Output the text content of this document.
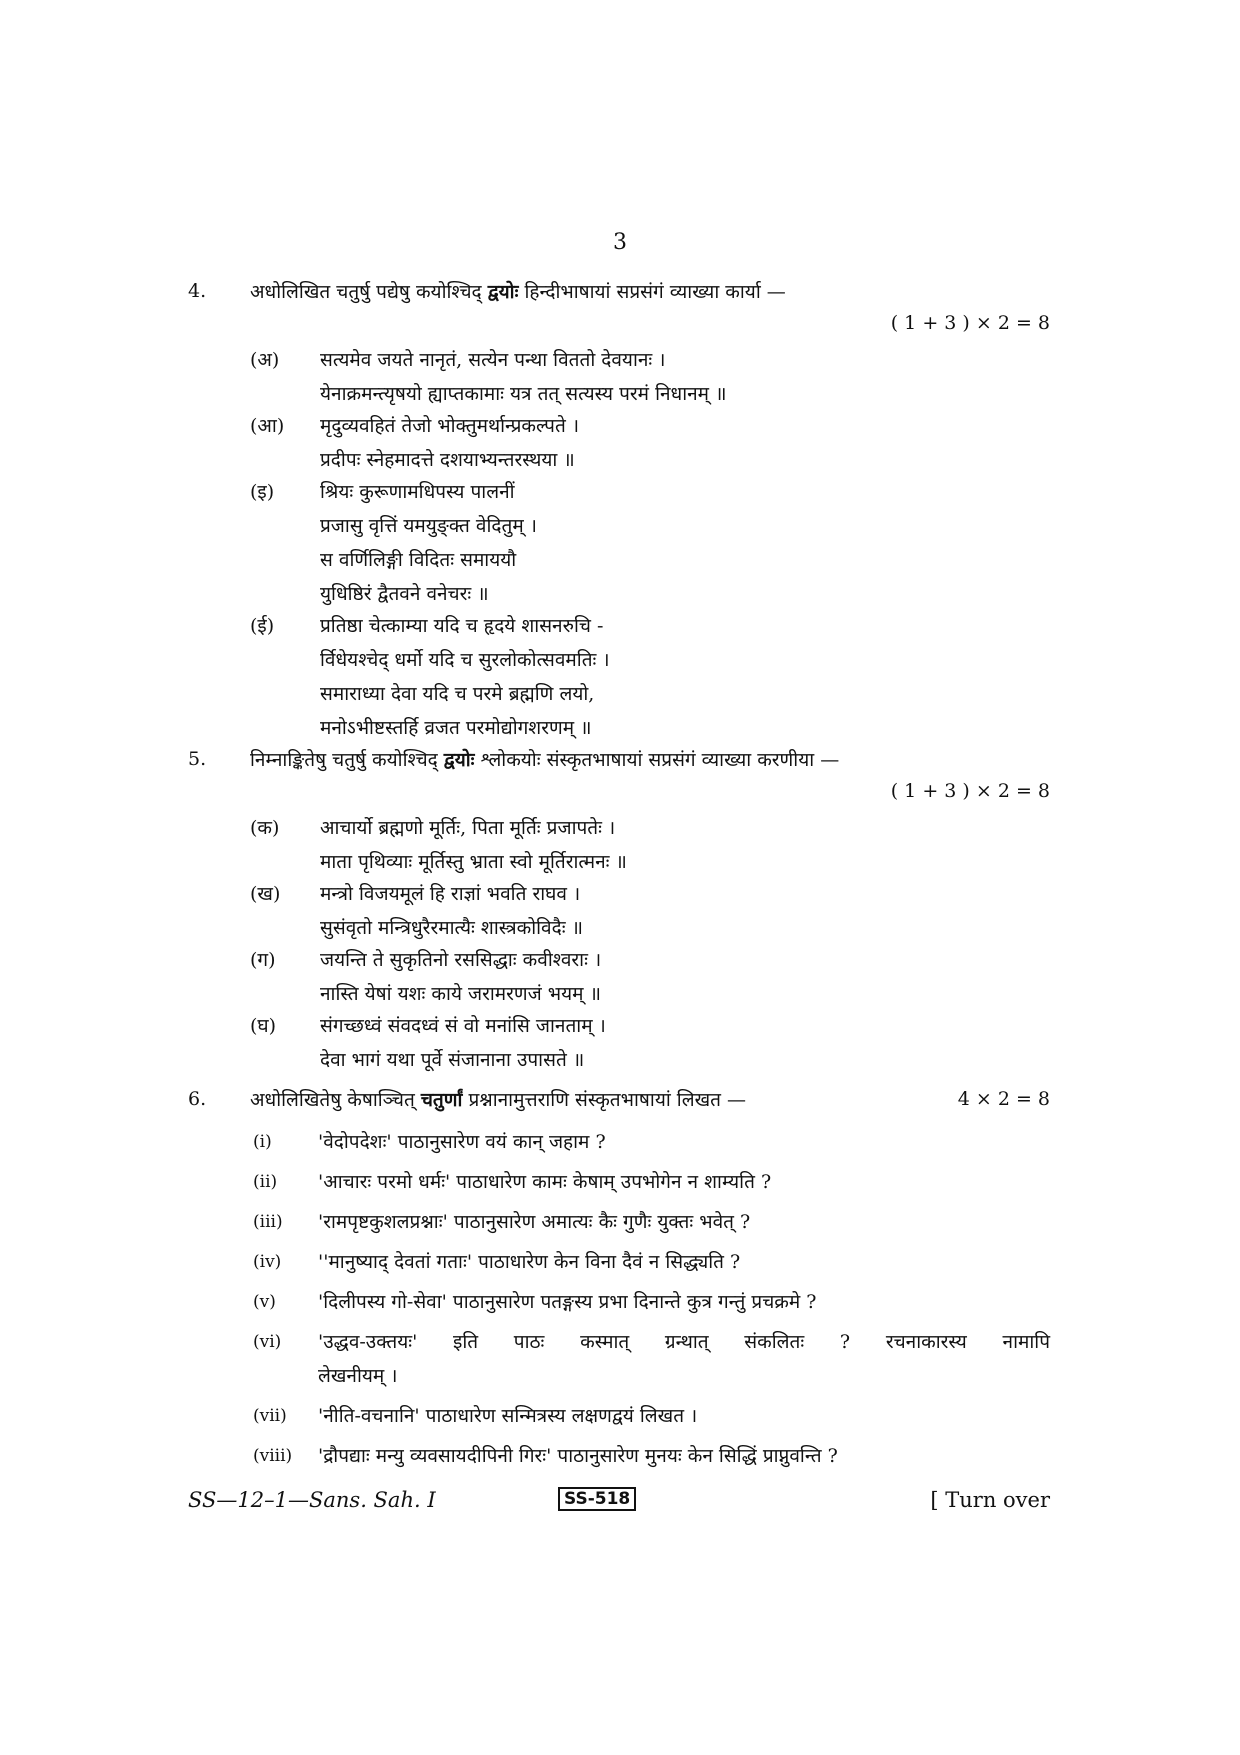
3
4. अधोलिखित चतुर्षु पद्येषु कयोश्चिद् द्वयोः हिन्दीभाषायां सप्रसंगं व्याख्या कार्या —
( 1 + 3 ) × 2 = 8
(अ) सत्यमेव जयते नानृतं, सत्येन पन्था विततो देवयानः ।
येनाक्रमन्त्यृषयो ह्याप्तकामाः यत्र तत् सत्यस्य परमं निधानम् ॥
(आ) मृदुव्यवहितं तेजो भोक्तुमर्थान्प्रकल्पते ।
प्रदीपः स्नेहमादत्ते दशयाभ्यन्तरस्थया ॥
(इ) श्रियः कुरूणामधिपस्य पालनीं
प्रजासु वृत्तिं यमयुङ्क्त वेदितुम् ।
स वर्णिलिङ्गी विदितः समाययौ
युधिष्ठिरं द्वैतवने वनेचरः ॥
(ई) प्रतिष्ठा चेत्काम्या यदि च हृदये शासनरुचि -
र्विधेयश्चेद् धर्मो यदि च सुरलोकोत्सवमतिः ।
समाराध्या देवा यदि च परमे ब्रह्मणि लयो,
मनोऽभीष्टस्तर्हि व्रजत परमोद्योगशरणम् ॥
5. निम्नाङ्कितेषु चतुर्षु कयोश्चिद् द्वयोः श्लोकयोः संस्कृतभाषायां सप्रसंगं व्याख्या करणीया —
( 1 + 3 ) × 2 = 8
(क) आचार्यो ब्रह्मणो मूर्तिः, पिता मूर्तिः प्रजापतेः ।
माता पृथिव्याः मूर्तिस्तु भ्राता स्वो मूर्तिरात्मनः ॥
(ख) मन्त्रो विजयमूलं हि राज्ञां भवति राघव ।
सुसंवृतो मन्त्रिधुरैरमात्यैः शास्त्रकोविदैः ॥
(ग) जयन्ति ते सुकृतिनो रससिद्धाः कवीश्वराः ।
नास्ति येषां यशः काये जरामरणजं भयम् ॥
(घ) संगच्छध्वं संवदध्वं सं वो मनांसि जानताम् ।
देवा भागं यथा पूर्वे संजानाना उपासते ॥
6. अधोलिखितेषु केषाञ्चित् चतुर्णां प्रश्नानामुत्तराणि संस्कृतभाषायां लिखत —	4 × 2 = 8
(i) 'वेदोपदेशः' पाठानुसारेण वयं कान् जहाम ?
(ii) 'आचारः परमो धर्मः' पाठाधारेण कामः केषाम् उपभोगेन न शाम्यति ?
(iii) 'रामपृष्टकुशलप्रश्नाः' पाठानुसारेण अमात्यः कैः गुणैः युक्तः भवेत् ?
(iv) ''मानुष्याद् देवतां गताः' पाठाधारेण केन विना दैवं न सिद्ध्यति ?
(v) 'दिलीपस्य गो-सेवा' पाठानुसारेण पतङ्गस्य प्रभा दिनान्ते कुत्र गन्तुं प्रचक्रमे ?
(vi) 'उद्धव-उक्तयः' इति पाठः कस्मात् ग्रन्थात् संकलितः ? रचनाकारस्य नामापि
लेखनीयम् ।
(vii) 'नीति-वचनानि' पाठाधारेण सन्मित्रस्य लक्षणद्वयं लिखत ।
(viii) 'द्रौपद्याः मन्यु व्यवसायदीपिनी गिरः' पाठानुसारेण मुनयः केन सिद्धिं प्राप्नुवन्ति ?
SS—12–1—Sans. Sah. I	SS-518	[ Turn over
